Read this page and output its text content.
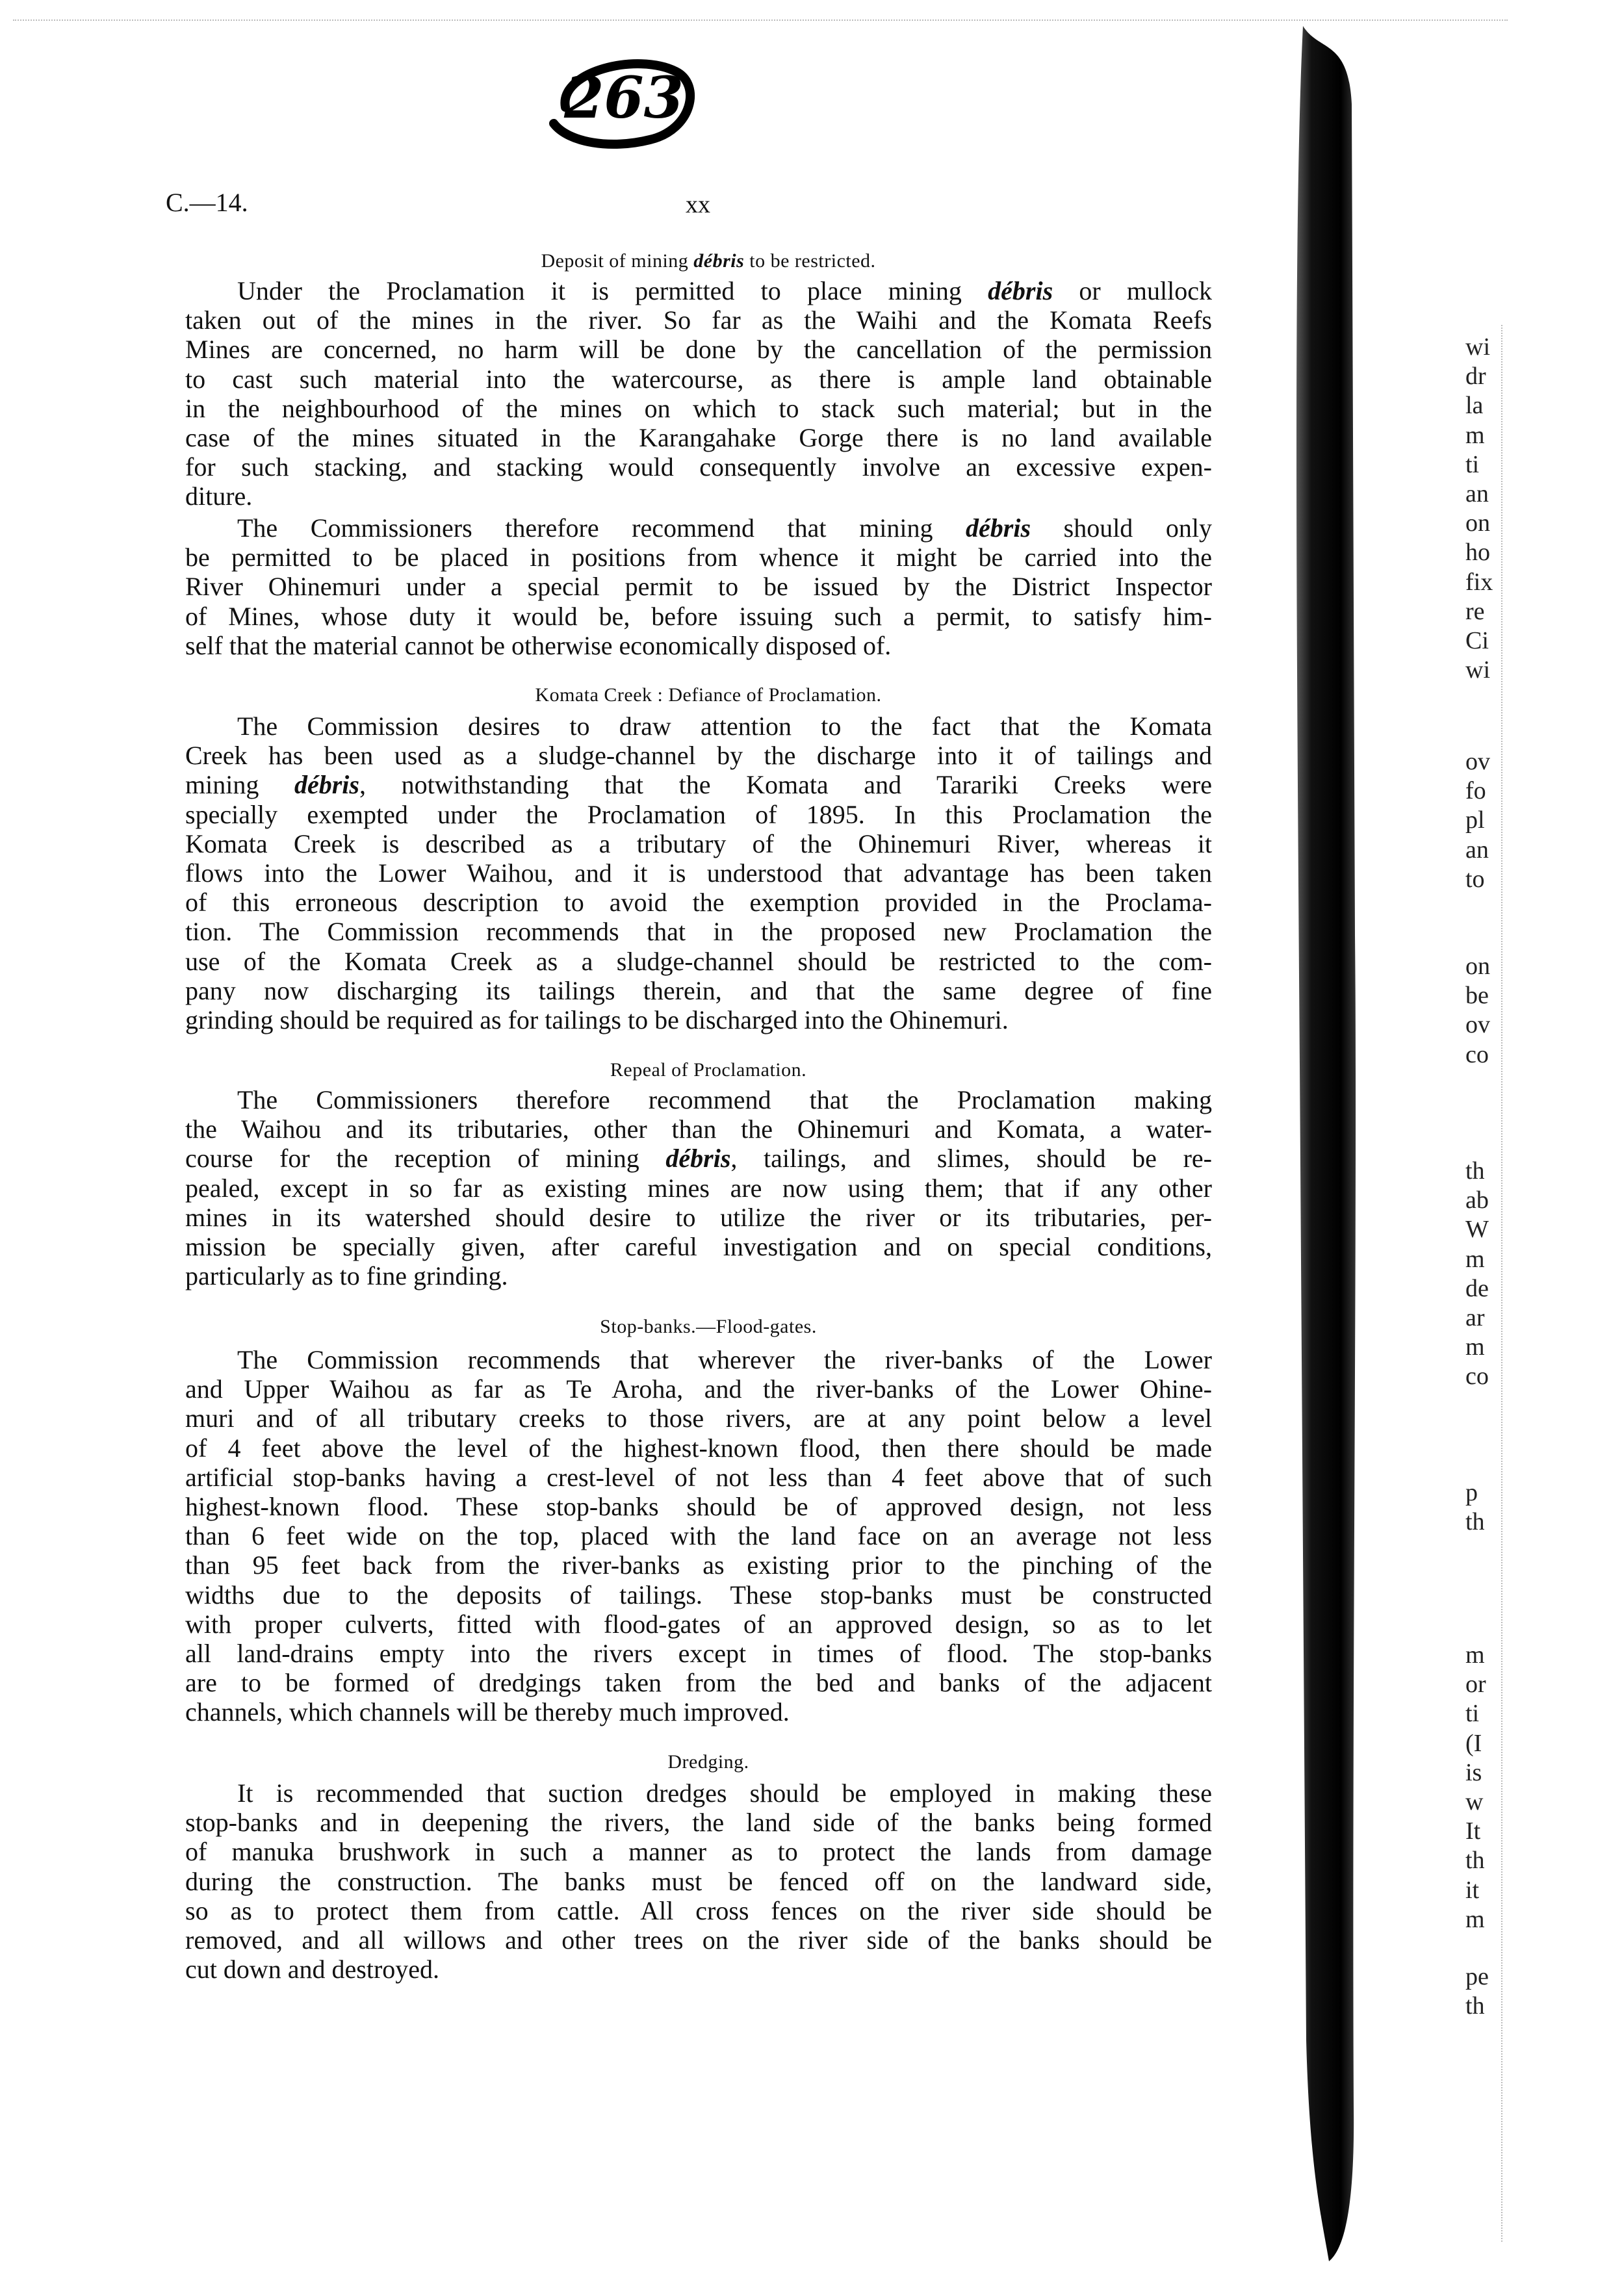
263
C.—14.	xx
Deposit of mining débris to be restricted.
Under the Proclamation it is permitted to place mining débris or mullock
taken out of the mines in the river. So far as the Waihi and the Komata Reefs
Mines are concerned, no harm will be done by the cancellation of the permission
to cast such material into the watercourse, as there is ample land obtainable
in the neighbourhood of the mines on which to stack such material; but in the
case of the mines situated in the Karangahake Gorge there is no land available
for such stacking, and stacking would consequently involve an excessive expen-
diture.
The Commissioners therefore recommend that mining débris should only
be permitted to be placed in positions from whence it might be carried into the
River Ohinemuri under a special permit to be issued by the District Inspector
of Mines, whose duty it would be, before issuing such a permit, to satisfy him-
self that the material cannot be otherwise economically disposed of.
Komata Creek : Defiance of Proclamation.
The Commission desires to draw attention to the fact that the Komata
Creek has been used as a sludge-channel by the discharge into it of tailings and
mining débris, notwithstanding that the Komata and Tarariki Creeks were
specially exempted under the Proclamation of 1895. In this Proclamation the
Komata Creek is described as a tributary of the Ohinemuri River, whereas it
flows into the Lower Waihou, and it is understood that advantage has been taken
of this erroneous description to avoid the exemption provided in the Proclama-
tion. The Commission recommends that in the proposed new Proclamation the
use of the Komata Creek as a sludge-channel should be restricted to the com-
pany now discharging its tailings therein, and that the same degree of fine
grinding should be required as for tailings to be discharged into the Ohinemuri.
Repeal of Proclamation.
The Commissioners therefore recommend that the Proclamation making
the Waihou and its tributaries, other than the Ohinemuri and Komata, a water-
course for the reception of mining débris, tailings, and slimes, should be re-
pealed, except in so far as existing mines are now using them; that if any other
mines in its watershed should desire to utilize the river or its tributaries, per-
mission be specially given, after careful investigation and on special conditions,
particularly as to fine grinding.
Stop-banks.—Flood-gates.
The Commission recommends that wherever the river-banks of the Lower
and Upper Waihou as far as Te Aroha, and the river-banks of the Lower Ohine-
muri and of all tributary creeks to those rivers, are at any point below a level
of 4 feet above the level of the highest-known flood, then there should be made
artificial stop-banks having a crest-level of not less than 4 feet above that of such
highest-known flood. These stop-banks should be of approved design, not less
than 6 feet wide on the top, placed with the land face on an average not less
than 95 feet back from the river-banks as existing prior to the pinching of the
widths due to the deposits of tailings. These stop-banks must be constructed
with proper culverts, fitted with flood-gates of an approved design, so as to let
all land-drains empty into the rivers except in times of flood. The stop-banks
are to be formed of dredgings taken from the bed and banks of the adjacent
channels, which channels will be thereby much improved.
Dredging.
It is recommended that suction dredges should be employed in making these
stop-banks and in deepening the rivers, the land side of the banks being formed
of manuka brushwork in such a manner as to protect the lands from damage
during the construction. The banks must be fenced off on the landward side,
so as to protect them from cattle. All cross fences on the river side should be
removed, and all willows and other trees on the river side of the banks should be
cut down and destroyed.
wi
dr
la
m
ti
an
on
ho
fix
re
Ci
wi
ov
fo
pl
an
to
on
be
ov
co
th
ab
W
m
de
ar
m
co
p
th
m
or
ti
(I
is
w
It
th
it
m
pe
th
